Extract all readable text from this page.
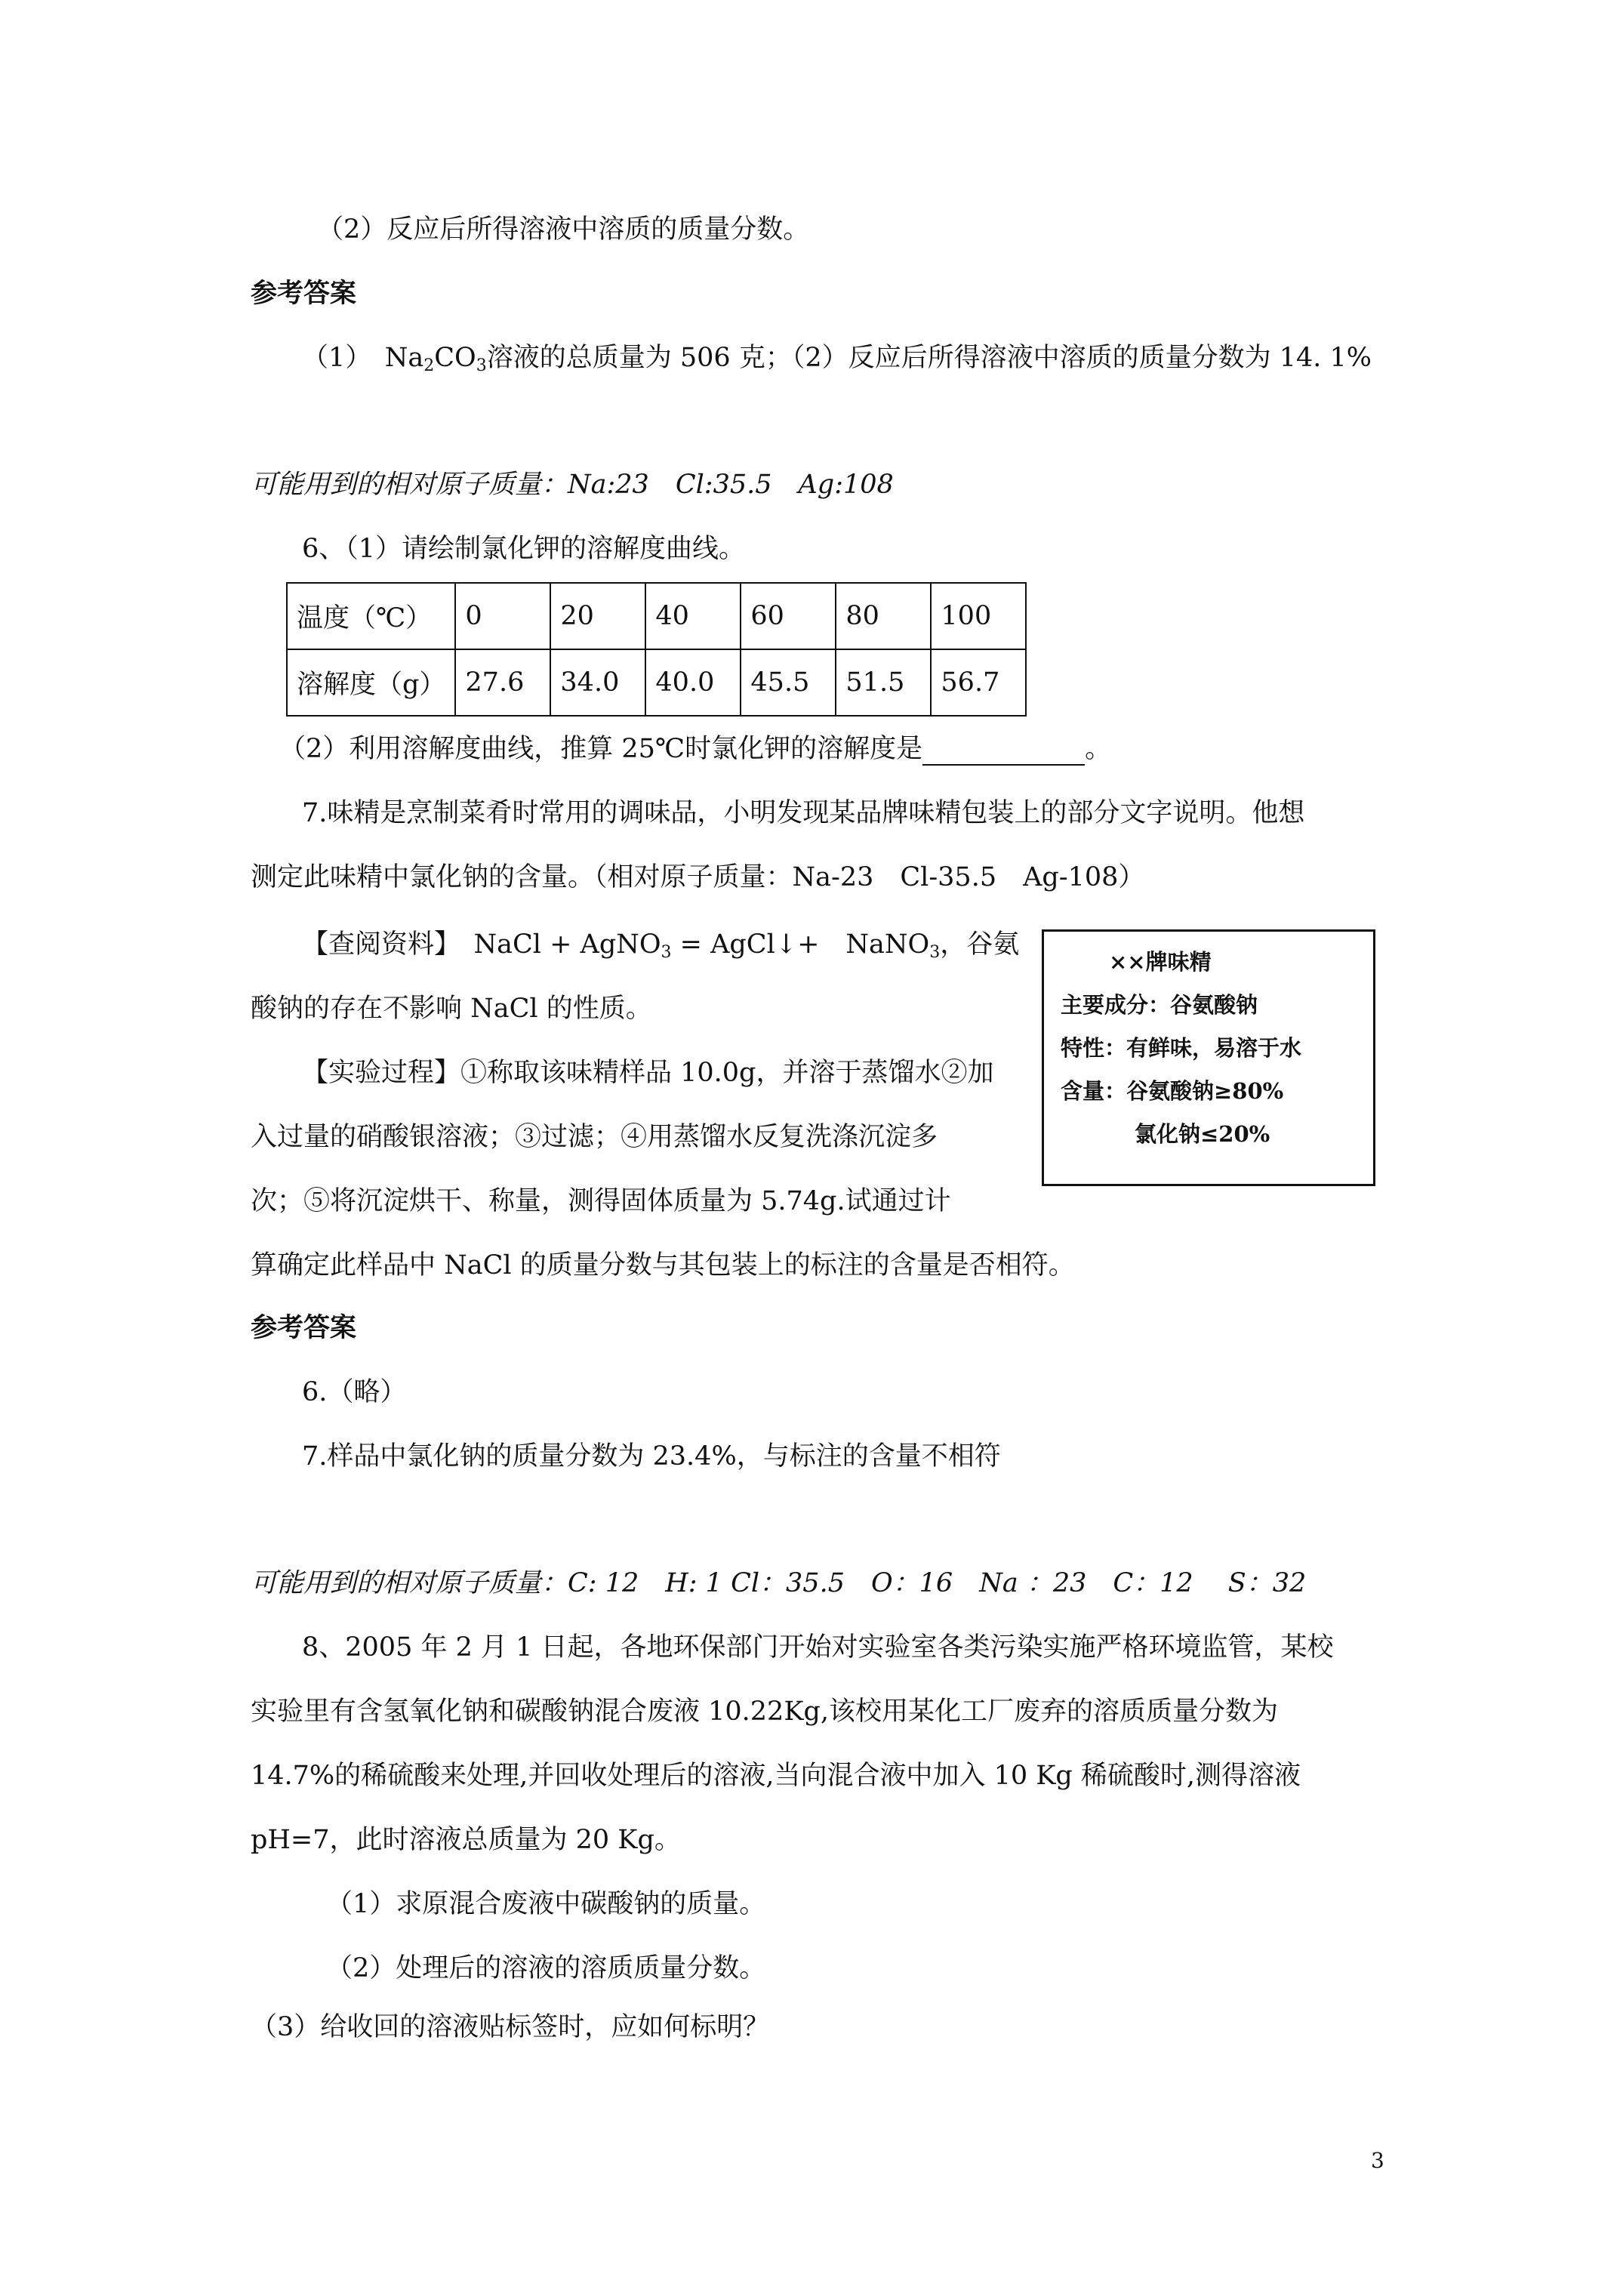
（2）反应后所得溶液中溶质的质量分数。
参考答案
（1）　$Na_2CO_3$溶液的总质量为 506 克；（2）反应后所得溶液中溶质的质量分数为 14. 1%
可能用到的相对原子质量：Na:23　Cl:35.5　Ag:108
6、（1）请绘制氯化钾的溶解度曲线。
温度（℃）	0	20	40	60	80	100
溶解度（g）	27.6	34.0	40.0	45.5	51.5	56.7
（2）利用溶解度曲线，推算 25℃时氯化钾的溶解度是	。
7.味精是烹制菜肴时常用的调味品，小明发现某品牌味精包装上的部分文字说明。他想
测定此味精中氯化钠的含量。（相对原子质量：Na-23　Cl-35.5　Ag-108）
【查阅资料】　NaCl + AgNO$_3$ = AgCl↓+　NaNO$_3$，谷氨
酸钠的存在不影响 NaCl 的性质。
【实验过程】①称取该味精样品 10.0g，并溶于蒸馏水②加
入过量的硝酸银溶液；③过滤；④用蒸馏水反复洗涤沉淀多
次；⑤将沉淀烘干、称量，测得固体质量为 5.74g.试通过计
算确定此样品中 NaCl 的质量分数与其包装上的标注的含量是否相符。
××牌味精
主要成分：谷氨酸钠
特性：有鲜味，易溶于水
含量：谷氨酸钠≥80%
氯化钠≤20%
参考答案
6.（略）
7.样品中氯化钠的质量分数为 23.4%，与标注的含量不相符
可能用到的相对原子质量：C: 12　H: 1 Cl：35.5　O：16　Na ：23　C：12　 S：32
8、2005 年 2 月 1 日起，各地环保部门开始对实验室各类污染实施严格环境监管，某校
实验里有含氢氧化钠和碳酸钠混合废液 10.22Kg,该校用某化工厂废弃的溶质质量分数为
14.7%的稀硫酸来处理,并回收处理后的溶液,当向混合液中加入 10 Kg 稀硫酸时,测得溶液
pH=7，此时溶液总质量为 20 Kg。
（1）求原混合废液中碳酸钠的质量。
（2）处理后的溶液的溶质质量分数。
（3）给收回的溶液贴标签时，应如何标明？
3
